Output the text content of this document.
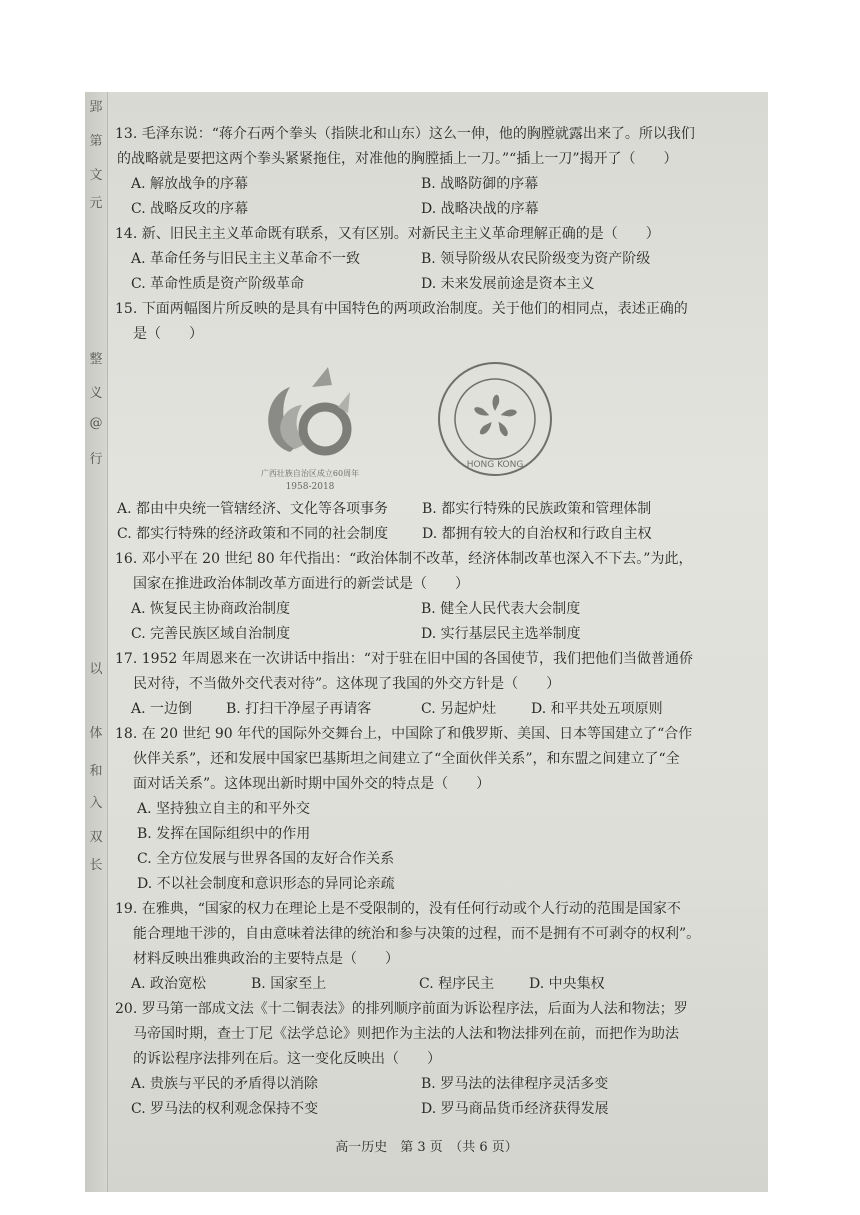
郢
第
文
元
整
义
@
行
以
体
和
入
双
长

13. 毛泽东说：“蒋介石两个拳头（指陕北和山东）这么一伸，他的胸膛就露出来了。所以我们

的战略就是要把这两个拳头紧紧拖住，对准他的胸膛插上一刀。”“插上一刀”揭开了（　　）

A. 解放战争的序幕	B. 战略防御的序幕
C. 战略反攻的序幕	D. 战略决战的序幕

14. 新、旧民主主义革命既有联系，又有区别。对新民主主义革命理解正确的是（　　）

A. 革命任务与旧民主主义革命不一致	B. 领导阶级从农民阶级变为资产阶级
C. 革命性质是资产阶级革命	D. 未来发展前途是资本主义

15. 下面两幅图片所反映的是具有中国特色的两项政治制度。关于他们的相同点，表述正确的

是（　　）

广西壮族自治区成立60周年
1958-2018
HONG KONG
A. 都由中央统一管辖经济、文化等各项事务	B. 都实行特殊的民族政策和管理体制
C. 都实行特殊的经济政策和不同的社会制度	D. 都拥有较大的自治权和行政自主权

16. 邓小平在 20 世纪 80 年代指出：“政治体制不改革，经济体制改革也深入不下去。”为此，

国家在推进政治体制改革方面进行的新尝试是（　　）

A. 恢复民主协商政治制度	B. 健全人民代表大会制度
C. 完善民族区域自治制度	D. 实行基层民主选举制度

17. 1952 年周恩来在一次讲话中指出：“对于驻在旧中国的各国使节，我们把他们当做普通侨

民对待，不当做外交代表对待”。这体现了我国的外交方针是（　　）

A. 一边倒	B. 打扫干净屋子再请客	C. 另起炉灶	D. 和平共处五项原则

18. 在 20 世纪 90 年代的国际外交舞台上，中国除了和俄罗斯、美国、日本等国建立了“合作

伙伴关系”，还和发展中国家巴基斯坦之间建立了“全面伙伴关系”，和东盟之间建立了“全

面对话关系”。这体现出新时期中国外交的特点是（　　）

A. 坚持独立自主的和平外交
B. 发挥在国际组织中的作用
C. 全方位发展与世界各国的友好合作关系
D. 不以社会制度和意识形态的异同论亲疏

19. 在雅典，“国家的权力在理论上是不受限制的，没有任何行动或个人行动的范围是国家不

能合理地干涉的，自由意味着法律的统治和参与决策的过程，而不是拥有不可剥夺的权利”。

材料反映出雅典政治的主要特点是（　　）

A. 政治宽松	B. 国家至上	C. 程序民主	D. 中央集权

20. 罗马第一部成文法《十二铜表法》的排列顺序前面为诉讼程序法，后面为人法和物法；罗

马帝国时期，查士丁尼《法学总论》则把作为主法的人法和物法排列在前，而把作为助法

的诉讼程序法排列在后。这一变化反映出（　　）

A. 贵族与平民的矛盾得以消除	B. 罗马法的法律程序灵活多变
C. 罗马法的权利观念保持不变	D. 罗马商品货币经济获得发展
高一历史　第 3 页　（共 6 页）
